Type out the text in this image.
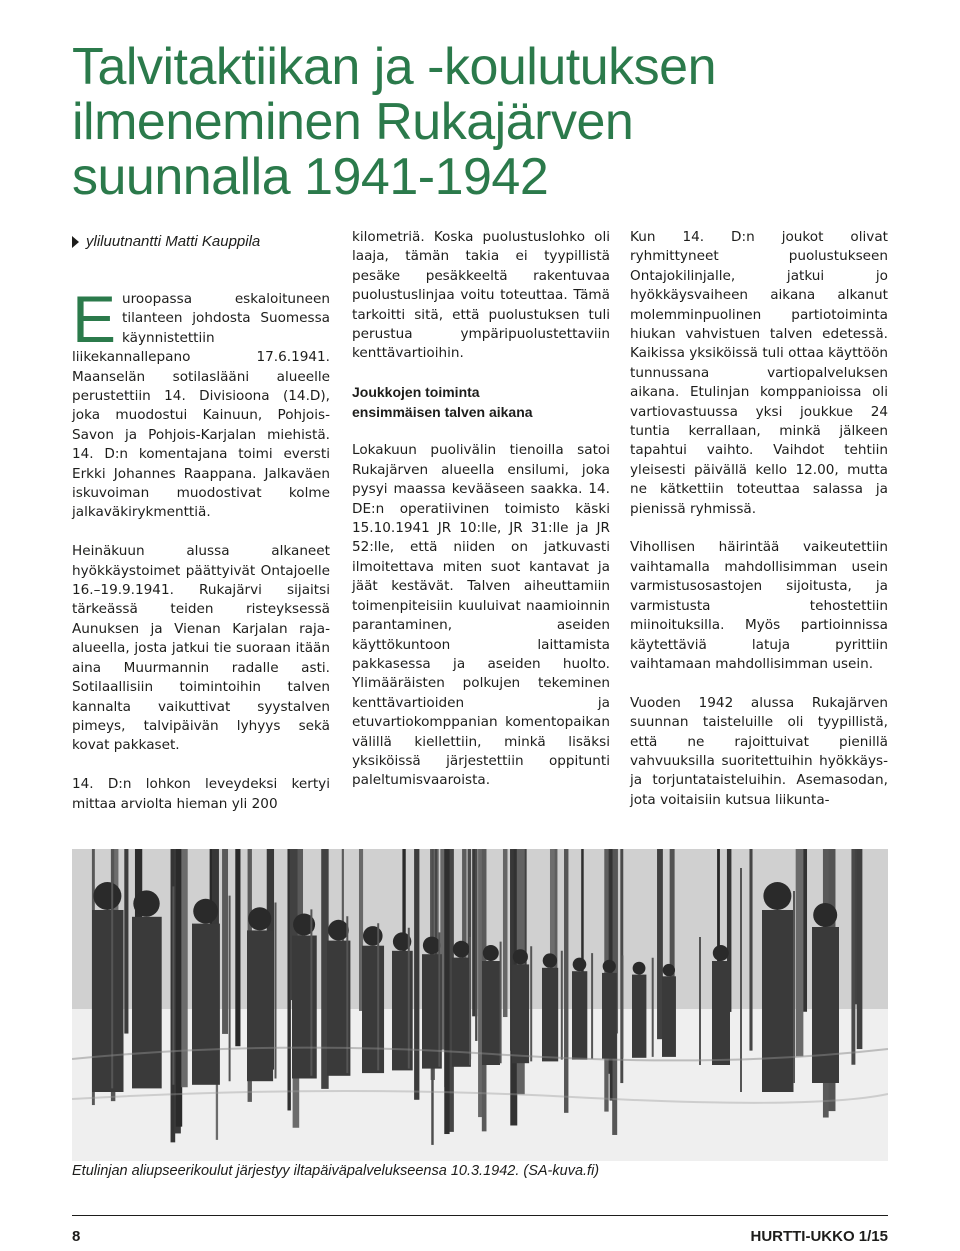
Talvitaktiikan ja -koulutuksen
ilmeneminen Rukajärven
suunnalla 1941-1942
yliluutnantti Matti Kauppila

Euroopassa eskaloituneen tilanteen johdosta Suomessa käynnistettiin liikekannallepano 17.6.1941. Maanselän sotilaslääni alueelle perustettiin 14. Divisioona (14.D), joka muodostui Kainuun, Pohjois-Savon ja Pohjois-Karjalan miehistä. 14. D:n komentajana toimi eversti Erkki Johannes Raappana. Jalkaväen iskuvoiman muodostivat kolme jalkaväkirykmenttiä.

Heinäkuun alussa alkaneet hyökkäystoimet päättyivät Ontajoelle 16.–19.9.1941. Rukajärvi sijaitsi tärkeässä teiden risteyksessä Aunuksen ja Vienan Karjalan raja-alueella, josta jatkui tie suoraan itään aina Muurmannin radalle asti. Sotilaallisiin toimintoihin talven kannalta vaikuttivat syystalven pimeys, talvipäivän lyhyys sekä kovat pakkaset.

14. D:n lohkon leveydeksi kertyi mittaa arviolta hieman yli 200

kilometriä. Koska puolustuslohko oli laaja, tämän takia ei tyypillistä pesäke pesäkkeeltä rakentuvaa puolustuslinjaa voitu toteuttaa. Tämä tarkoitti sitä, että puolustuksen tuli perustua ympäripuolustettaviin kenttävartioihin.

Joukkojen toiminta
ensimmäisen talven aikana

Lokakuun puolivälin tienoilla satoi Rukajärven alueella ensilumi, joka pysyi maassa kevääseen saakka. 14. DE:n operatiivinen toimisto käski 15.10.1941 JR 10:lle, JR 31:lle ja JR 52:lle, että niiden on jatkuvasti ilmoitettava miten suot kantavat ja jäät kestävät. Talven aiheuttamiin toimenpiteisiin kuuluivat naamioinnin parantaminen, aseiden käyttökuntoon laittamista pakkasessa ja aseiden huolto. Ylimääräisten polkujen tekeminen kenttävartioiden ja etuvartiokomppanian komentopaikan välillä kiellettiin, minkä lisäksi yksiköissä järjestettiin oppitunti paleltumisvaaroista.

Kun 14. D:n joukot olivat ryhmittyneet puolustukseen Ontajokilinjalle, jatkui jo hyökkäysvaiheen aikana alkanut molemminpuolinen partiotoiminta hiukan vahvistuen talven edetessä. Kaikissa yksiköissä tuli ottaa käyttöön tunnussana vartiopalveluksen aikana. Etulinjan komppanioissa oli vartiovastuussa yksi joukkue 24 tuntia kerrallaan, minkä jälkeen tapahtui vaihto. Vaihdot tehtiin yleisesti päivällä kello 12.00, mutta ne kätkettiin toteuttaa salassa ja pienissä ryhmissä.

Vihollisen häirintää vaikeutettiin vaihtamalla mahdollisimman usein varmistusosastojen sijoitusta, ja varmistusta tehostettiin miinoituksilla. Myös partioinnissa käytettäviä latuja pyrittiin vaihtamaan mahdollisimman usein.

Vuoden 1942 alussa Rukajärven suunnan taisteluille oli tyypillistä, että ne rajoittuivat pienillä vahvuuksilla suoritettuihin hyökkäys- ja torjuntataisteluihin. Asemasodan, jota voitaisiin kutsua liikunta-

Etulinjan aliupseerikoulut järjestyy iltapäiväpalvelukseensa 10.3.1942. (SA-kuva.fi)
8	HURTTI-UKKO 1/15
